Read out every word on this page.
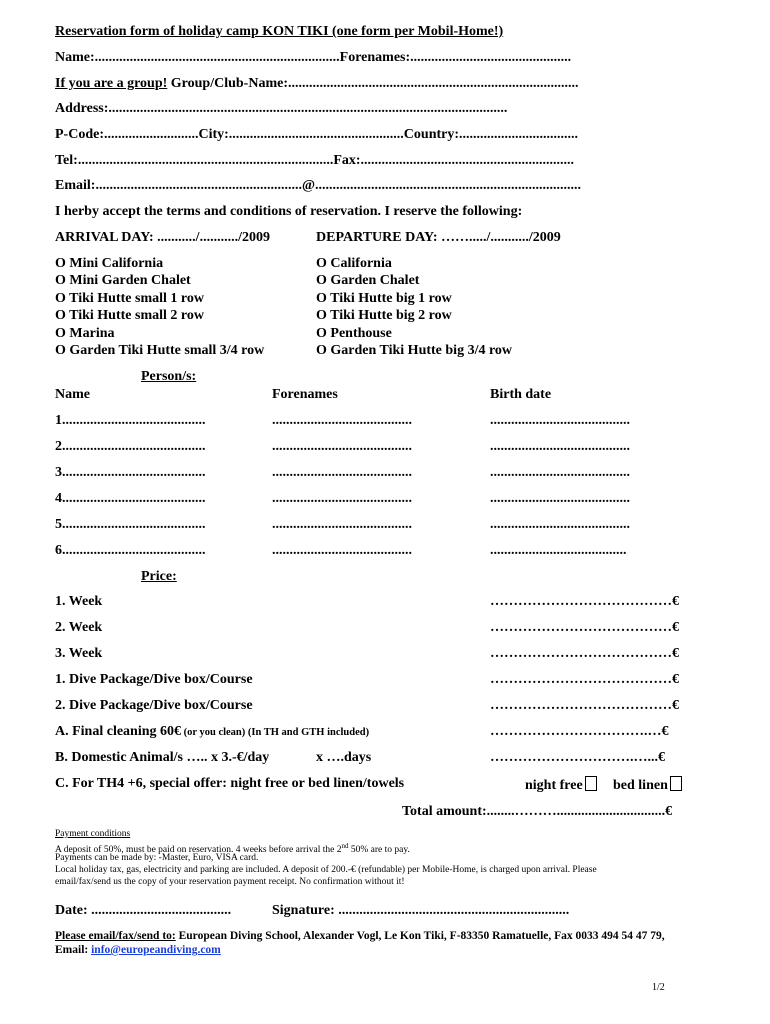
Reservation form of holiday camp KON TIKI (one form per Mobil-Home!)
Name:......................................................................Forenames:..............................................
If you are a group! Group/Club-Name:...................................................................................
Address:..................................................................................................................
P-Code:...........................City:..................................................Country:..................................
Tel:.........................................................................Fax:.............................................................
Email:...........................................................@............................................................................
I herby accept the terms and conditions of reservation. I reserve the following:
ARRIVAL DAY: .........../.........../2009	DEPARTURE DAY: ……...../.........../2009
O Mini California
O Mini Garden Chalet
O Tiki Hutte small 1 row
O Tiki Hutte small 2 row
O Marina
O Garden Tiki Hutte small 3/4 row
O California
O Garden Chalet
O Tiki Hutte big 1 row
O Tiki Hutte big 2 row
O Penthouse
O Garden Tiki Hutte big 3/4 row
Person/s:
Name	Forenames	Birth date
1.........................................	........................................	........................................
2.........................................	........................................	........................................
3.........................................	........................................	........................................
4.........................................	........................................	........................................
5.........................................	........................................	........................................
6.........................................	........................................	.......................................
Price:
1. Week	…………………………………€
2. Week	…………………………………€
3. Week	…………………………………€
1. Dive Package/Dive box/Course	…………………………………€
2. Dive Package/Dive box/Course	…………………………………€
A. Final cleaning 60€ (or you clean) (In TH and GTH included)	…………………………….…€
B. Domestic Animal/s ….. x 3.-€/day	x ….days	………………………….…...€
C. For TH4 +6, special offer: night free or bed linen/towels	night free	bed linen
Total amount:........………...............................€
Payment conditions
A deposit of 50%, must be paid on reservation. 4 weeks before arrival the 2nd 50% are to pay.
Payments can be made by: -Master, Euro, VISA card.
Local holiday tax, gas, electricity and parking are included. A deposit of 200.-€ (refundable) per Mobile-Home, is charged upon arrival. Please
email/fax/send us the copy of your reservation payment receipt. No confirmation without it!
Date: ........................................	Signature: ..................................................................
Please email/fax/send to: European Diving School, Alexander Vogl, Le Kon Tiki, F-83350 Ramatuelle, Fax 0033 494 54 47 79,
Email: info@europeandiving.com
1/2
